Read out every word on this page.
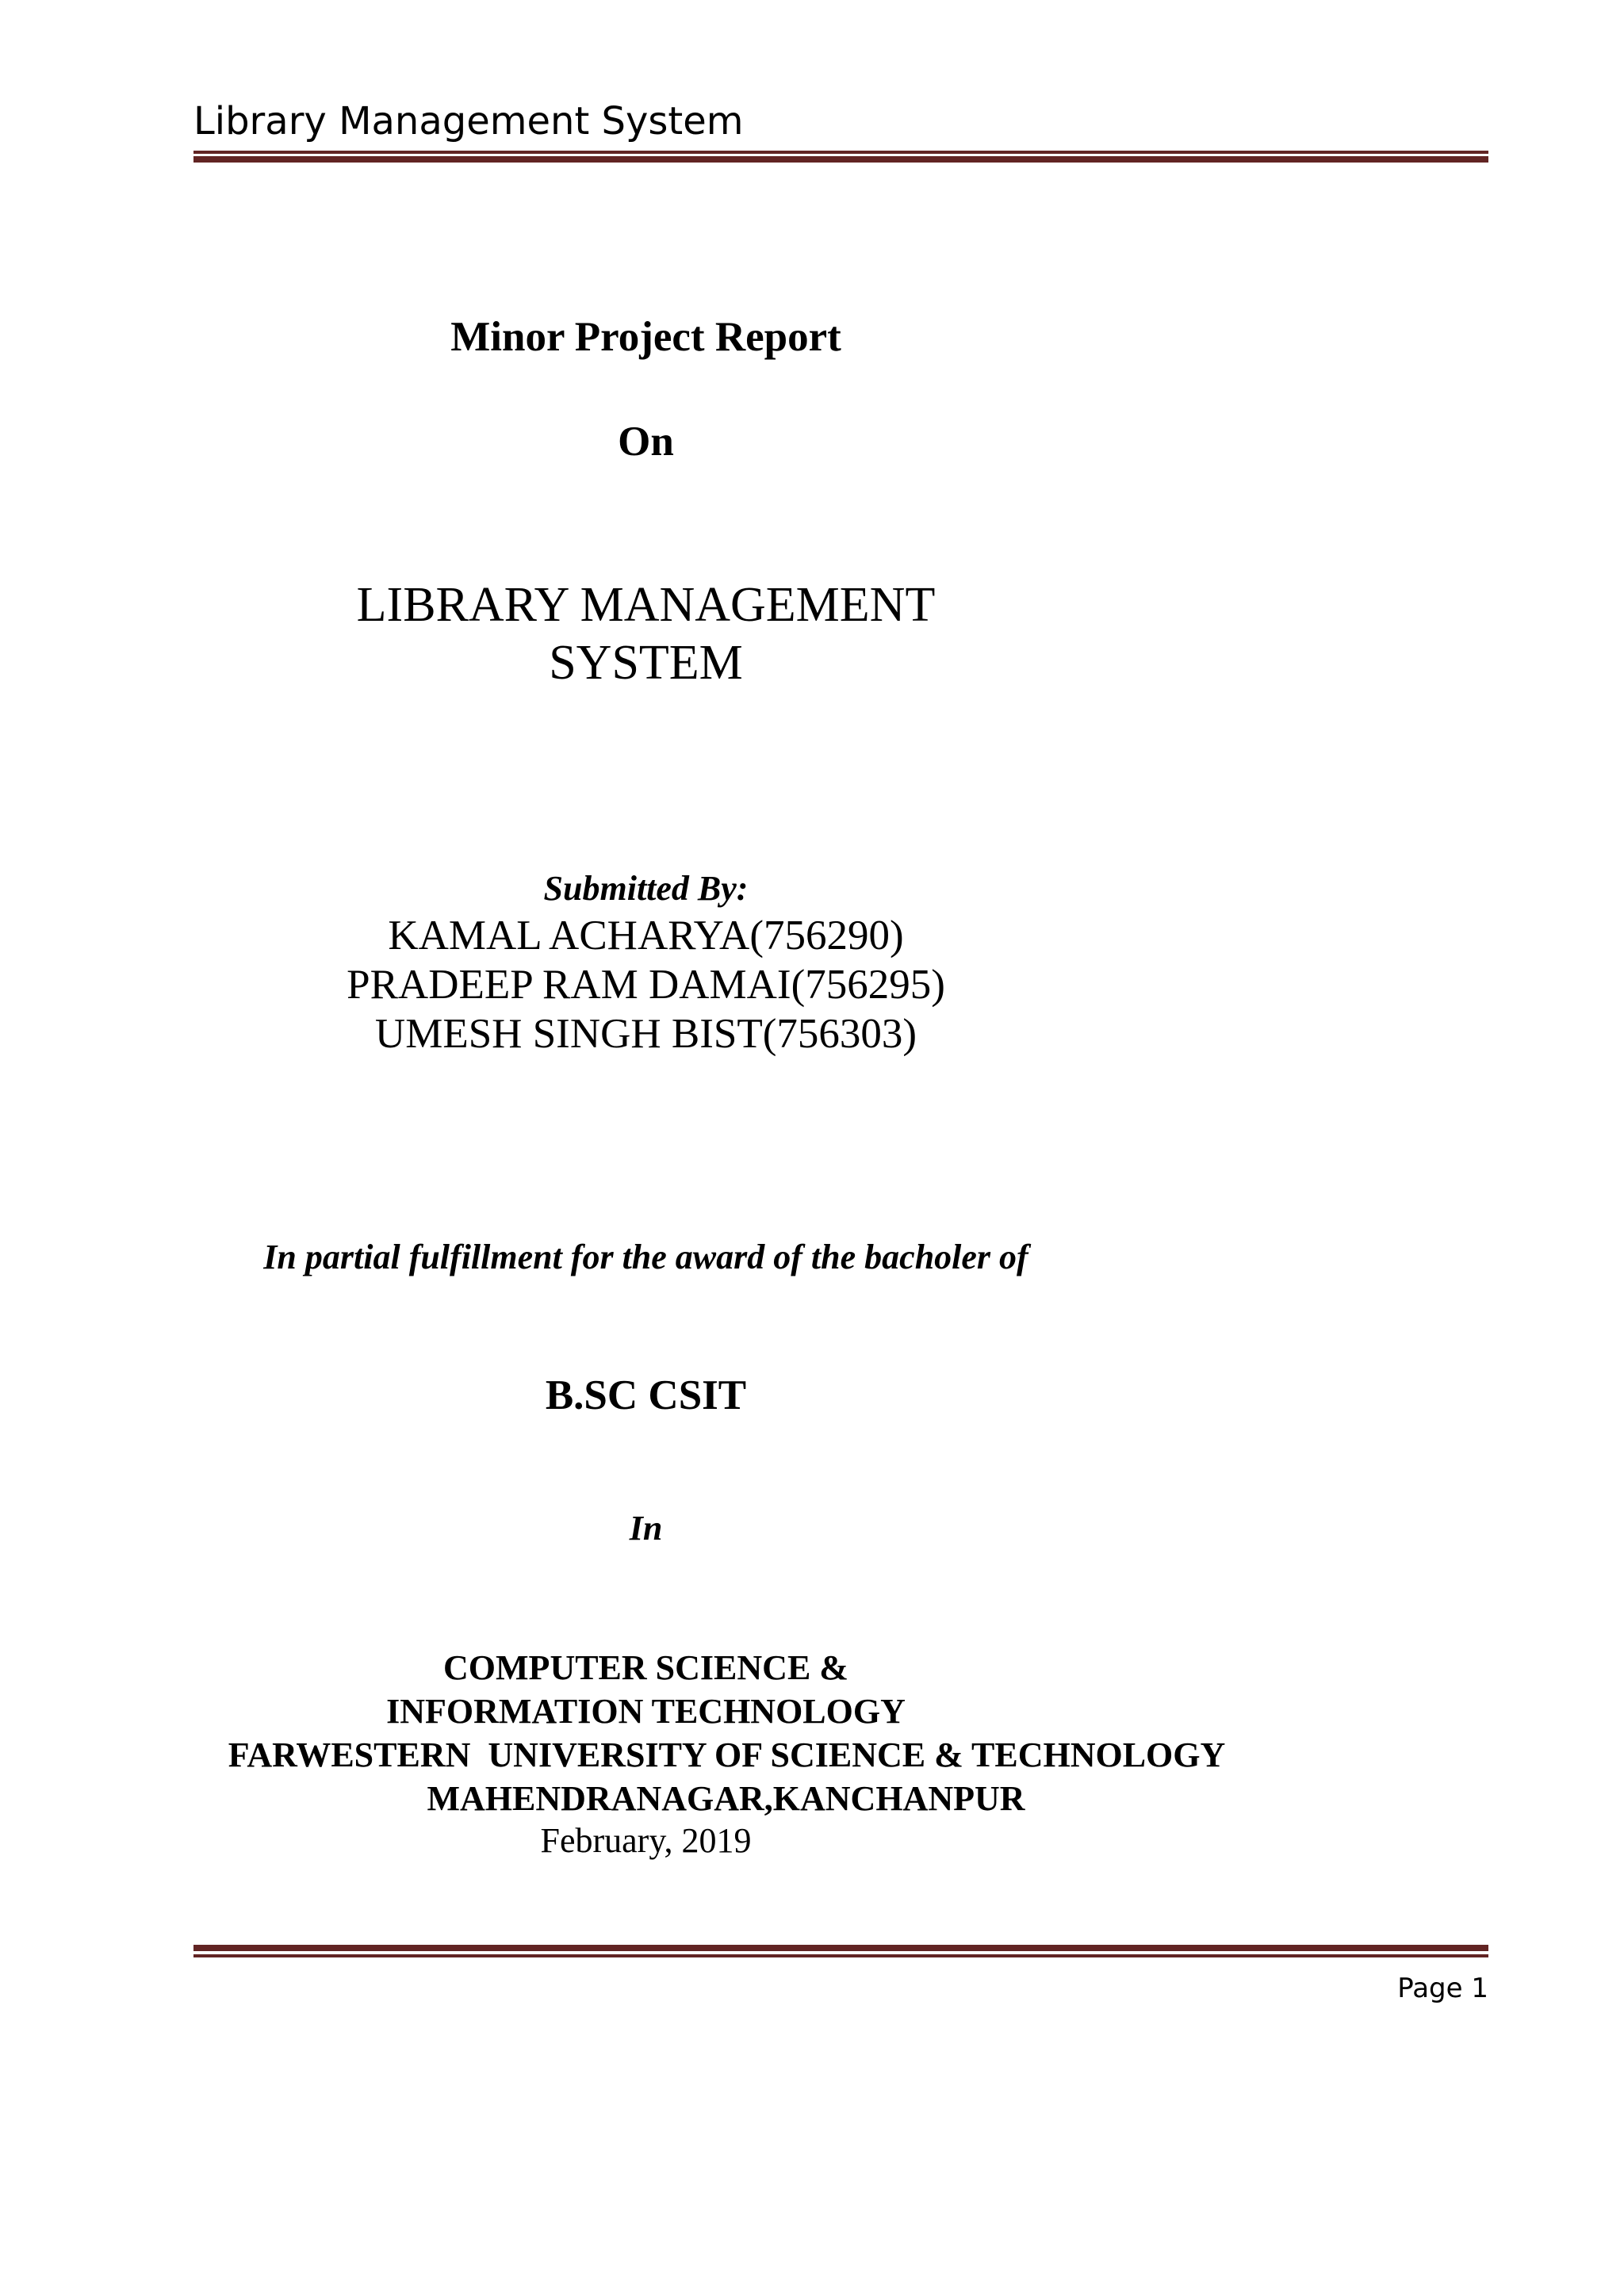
Library Management System
Minor Project Report
On
LIBRARY MANAGEMENT
SYSTEM
Submitted By:
KAMAL ACHARYA(756290)
PRADEEP RAM DAMAI(756295)
UMESH SINGH BIST(756303)
In partial fulfillment for the award of the bacholer of
B.SC CSIT
In
COMPUTER SCIENCE &
INFORMATION TECHNOLOGY
FARWESTERN  UNIVERSITY OF SCIENCE & TECHNOLOGY
MAHENDRANAGAR,KANCHANPUR
February, 2019
Page 1
